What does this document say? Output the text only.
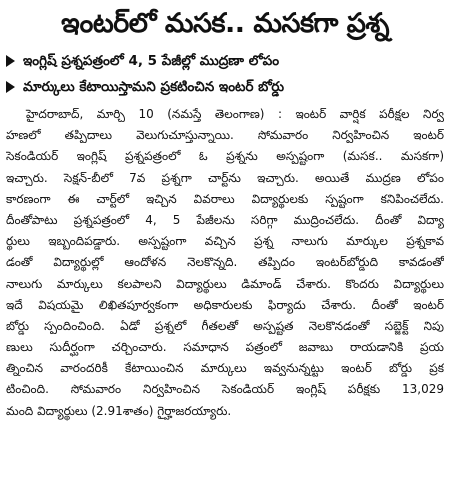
ఇంటర్‌లో మసక.. మసకగా ప్రశ్న
ఇంగ్లిష్‌ ప్రశ్నపత్రంలో 4, 5 పేజీల్లో ముద్రణా లోపం
మార్కులు కేటాయిస్తామని ప్రకటించిన ఇంటర్‌ బోర్డు
హైదరాబాద్‌, మార్చి 10 (నమస్తే తెలంగాణ) : ఇంటర్‌ వార్షిక పరీక్షల నిర్వ
హణలో తప్పిదాలు వెలుగుచూస్తున్నాయి. సోమవారం నిర్వహించిన ఇంటర్‌
సెకండియర్‌ ఇంగ్లిష్‌ ప్రశ్నపత్రంలో ఓ ప్రశ్నను అస్పష్టంగా (మసక.. మసకగా)
ఇచ్చారు. సెక్షన్‌-బీలో 7వ ప్రశ్నగా చార్ట్‌ను ఇచ్చారు. అయితే ముద్రణ లోపం
కారణంగా ఈ చార్ట్‌లో ఇచ్చిన వివరాలు విద్యార్థులకు స్పష్టంగా కనిపించలేదు.
దీంతోపాటు ప్రశ్నపత్రంలో 4, 5 పేజీలను సరిగ్గా ముద్రించలేదు. దీంతో విద్యా
ర్థులు ఇబ్బందిపడ్డారు. అస్పష్టంగా వచ్చిన ప్రశ్న నాలుగు మార్కుల ప్రశ్నకావ
డంతో విద్యార్థుల్లో ఆందోళన నెలకొన్నది. తప్పిదం ఇంటర్‌బోర్డుది కావడంతో
నాలుగు మార్కులు కలపాలని విద్యార్థులు డిమాండ్‌ చేశారు. కొందరు విద్యార్థులు
ఇదే విషయమై లిఖితపూర్వకంగా అధికారులకు ఫిర్యాదు చేశారు. దీంతో ఇంటర్‌
బోర్డు స్పందించింది. ఏడో ప్రశ్నలో గీతలతో అస్పష్టత నెలకొనడంతో సబ్జెక్ట్‌ నిపు
ణులు సుదీర్ఘంగా చర్చించారు. సమాధాన పత్రంలో జవాబు రాయడానికి ప్రయ
త్నించిన వారందరికీ కేటాయించిన మార్కులు ఇవ్వనున్నట్టు ఇంటర్‌ బోర్డు ప్రక
టించింది. సోమవారం నిర్వహించిన సెకండియర్‌ ఇంగ్లిష్‌ పరీక్షకు 13,029
మంది విద్యార్థులు (2.91శాతం) గైర్హాజరయ్యారు.
